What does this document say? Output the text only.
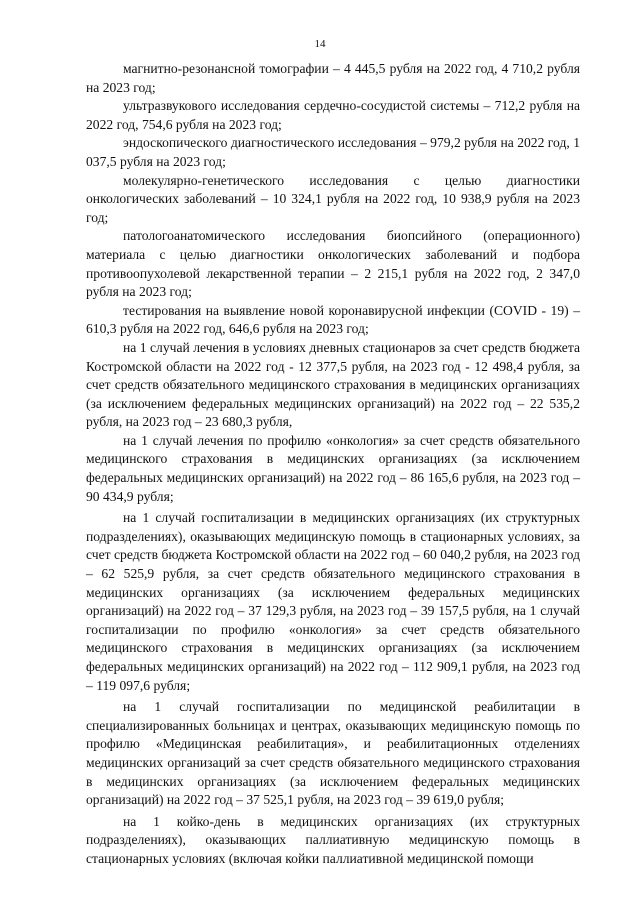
14

магнитно-резонансной томографии – 4 445,5 рубля на 2022 год, 4 710,2 рубля на 2023 год;

ультразвукового исследования сердечно-сосудистой системы – 712,2 рубля на 2022 год, 754,6 рубля на 2023 год;

эндоскопического диагностического исследования – 979,2 рубля на 2022 год, 1 037,5 рубля на 2023 год;

молекулярно-генетического исследования с целью диагностики онкологических заболеваний – 10 324,1 рубля на 2022 год, 10 938,9 рубля на 2023 год;

патологоанатомического исследования биопсийного (операционного) материала с целью диагностики онкологических заболеваний и подбора противоопухолевой лекарственной терапии – 2 215,1 рубля на 2022 год, 2 347,0 рубля на 2023 год;

тестирования на выявление новой коронавирусной инфекции (COVID - 19) – 610,3 рубля на 2022 год, 646,6 рубля на 2023 год;

на 1 случай лечения в условиях дневных стационаров за счет средств бюджета Костромской области на 2022 год - 12 377,5 рубля, на 2023 год - 12 498,4 рубля, за счет средств обязательного медицинского страхования в медицинских организациях (за исключением федеральных медицинских организаций) на 2022 год – 22 535,2 рубля, на 2023 год – 23 680,3 рубля,

на 1 случай лечения по профилю «онкология» за счет средств обязательного медицинского страхования в медицинских организациях (за исключением федеральных медицинских организаций) на 2022 год – 86 165,6 рубля, на 2023 год – 90 434,9 рубля;

на 1 случай госпитализации в медицинских организациях (их структурных подразделениях), оказывающих медицинскую помощь в стационарных условиях, за счет средств бюджета Костромской области на 2022 год – 60 040,2 рубля, на 2023 год – 62 525,9 рубля, за счет средств обязательного медицинского страхования в медицинских организациях (за исключением федеральных медицинских организаций) на 2022 год – 37 129,3 рубля, на 2023 год – 39 157,5 рубля, на 1 случай госпитализации по профилю «онкология» за счет средств обязательного медицинского страхования в медицинских организациях (за исключением федеральных медицинских организаций) на 2022 год – 112 909,1 рубля, на 2023 год – 119 097,6 рубля;

на 1 случай госпитализации по медицинской реабилитации в специализированных больницах и центрах, оказывающих медицинскую помощь по профилю «Медицинская реабилитация», и реабилитационных отделениях медицинских организаций за счет средств обязательного медицинского страхования в медицинских организациях (за исключением федеральных медицинских организаций) на 2022 год – 37 525,1 рубля, на 2023 год – 39 619,0 рубля;

на 1 койко-день в медицинских организациях (их структурных подразделениях), оказывающих паллиативную медицинскую помощь в стационарных условиях (включая койки паллиативной медицинской помощи
